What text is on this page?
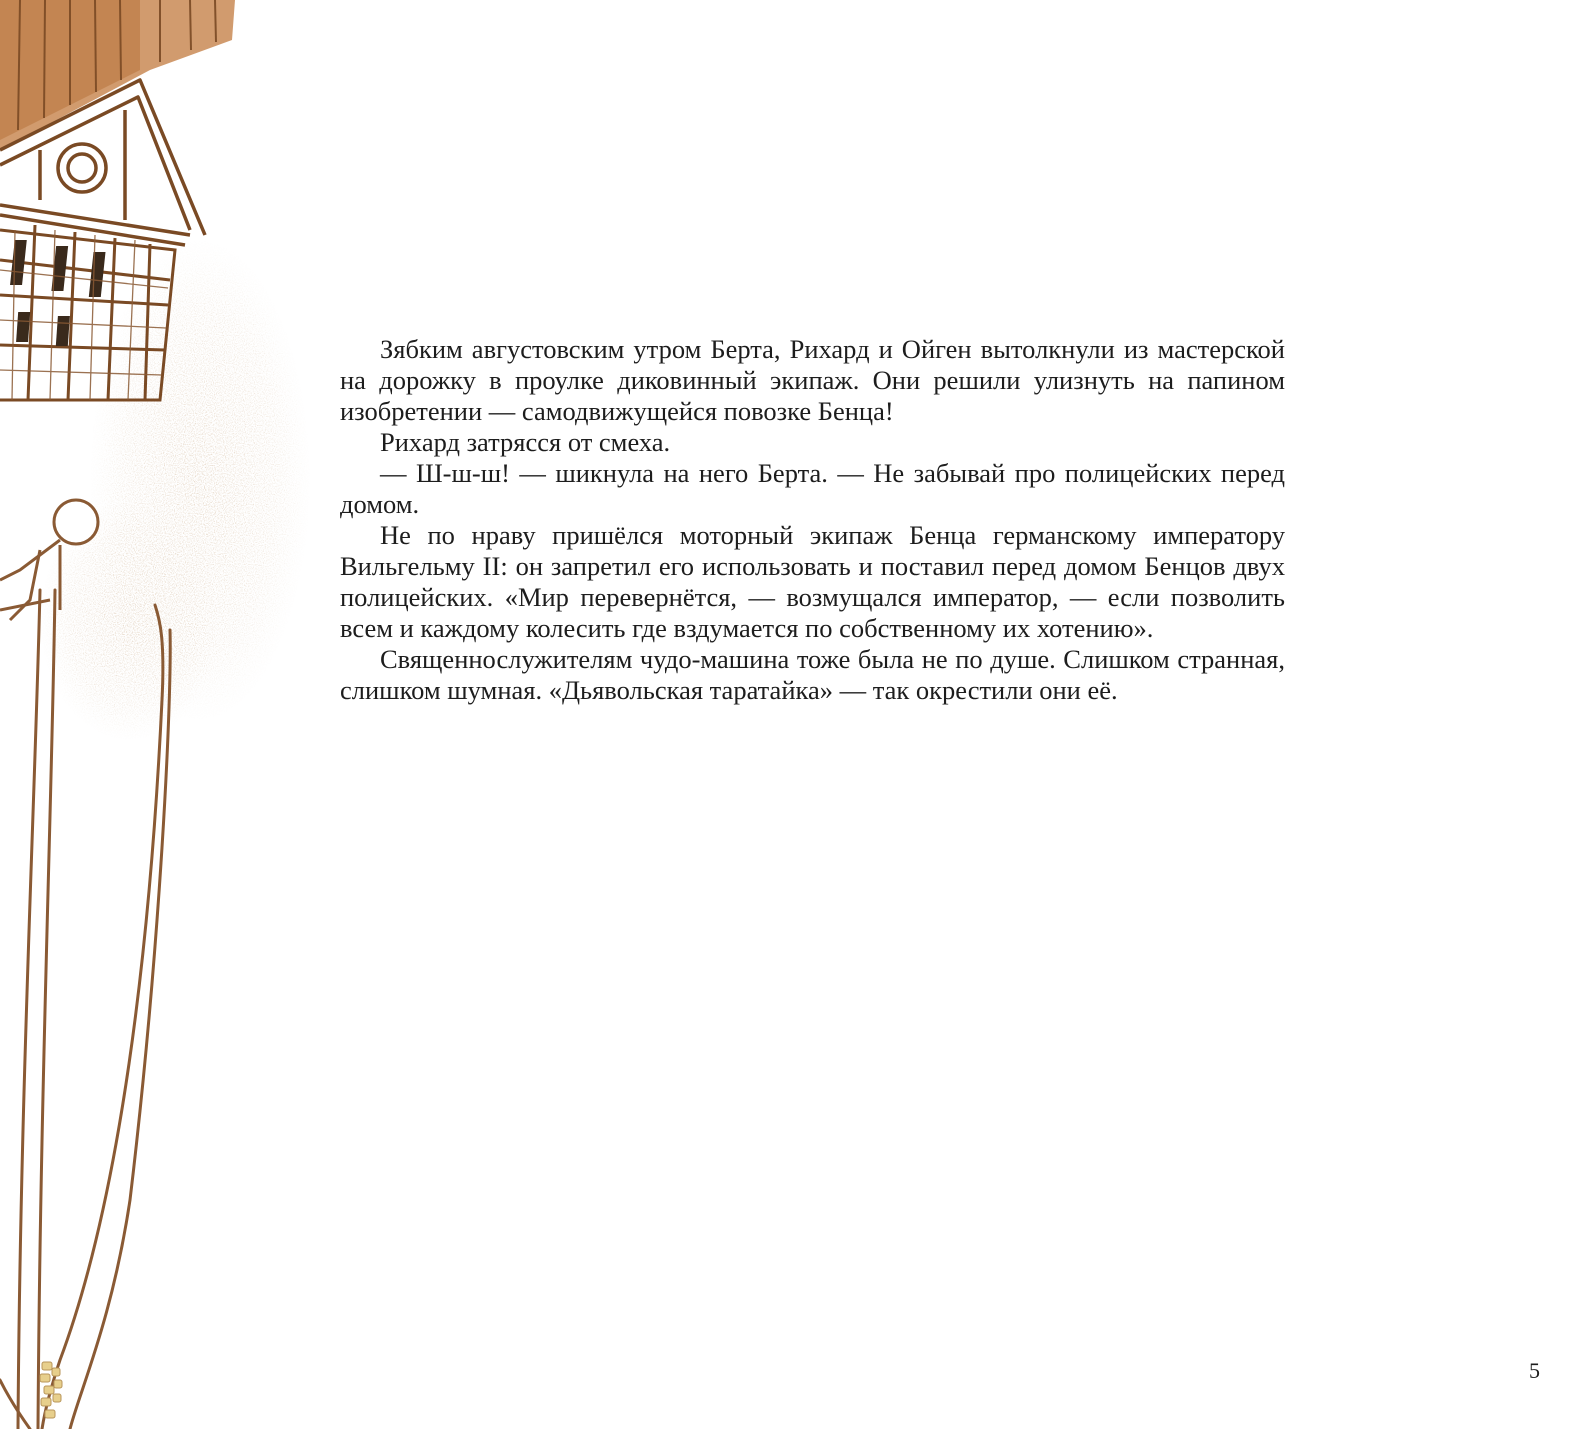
Зябким августовским утром Берта, Рихард и Ойген вытолкнули из мастерской на дорожку в проулке диковинный экипаж. Они решили улизнуть на папином изобретении — самодвижущейся повозке Бенца!

Рихард затрясся от смеха.

— Ш-ш-ш! — шикнула на него Берта. — Не забывай про полицейских перед домом.

Не по нраву пришёлся моторный экипаж Бенца германскому императору Вильгельму II: он запретил его использовать и поставил перед домом Бенцов двух полицейских. «Мир перевернётся, — возмущался император, — если позволить всем и каждому колесить где вздумается по собственному их хотению».

Священнослужителям чудо-машина тоже была не по душе. Слишком странная, слишком шумная. «Дьявольская таратайка» — так окрестили они её.

5
